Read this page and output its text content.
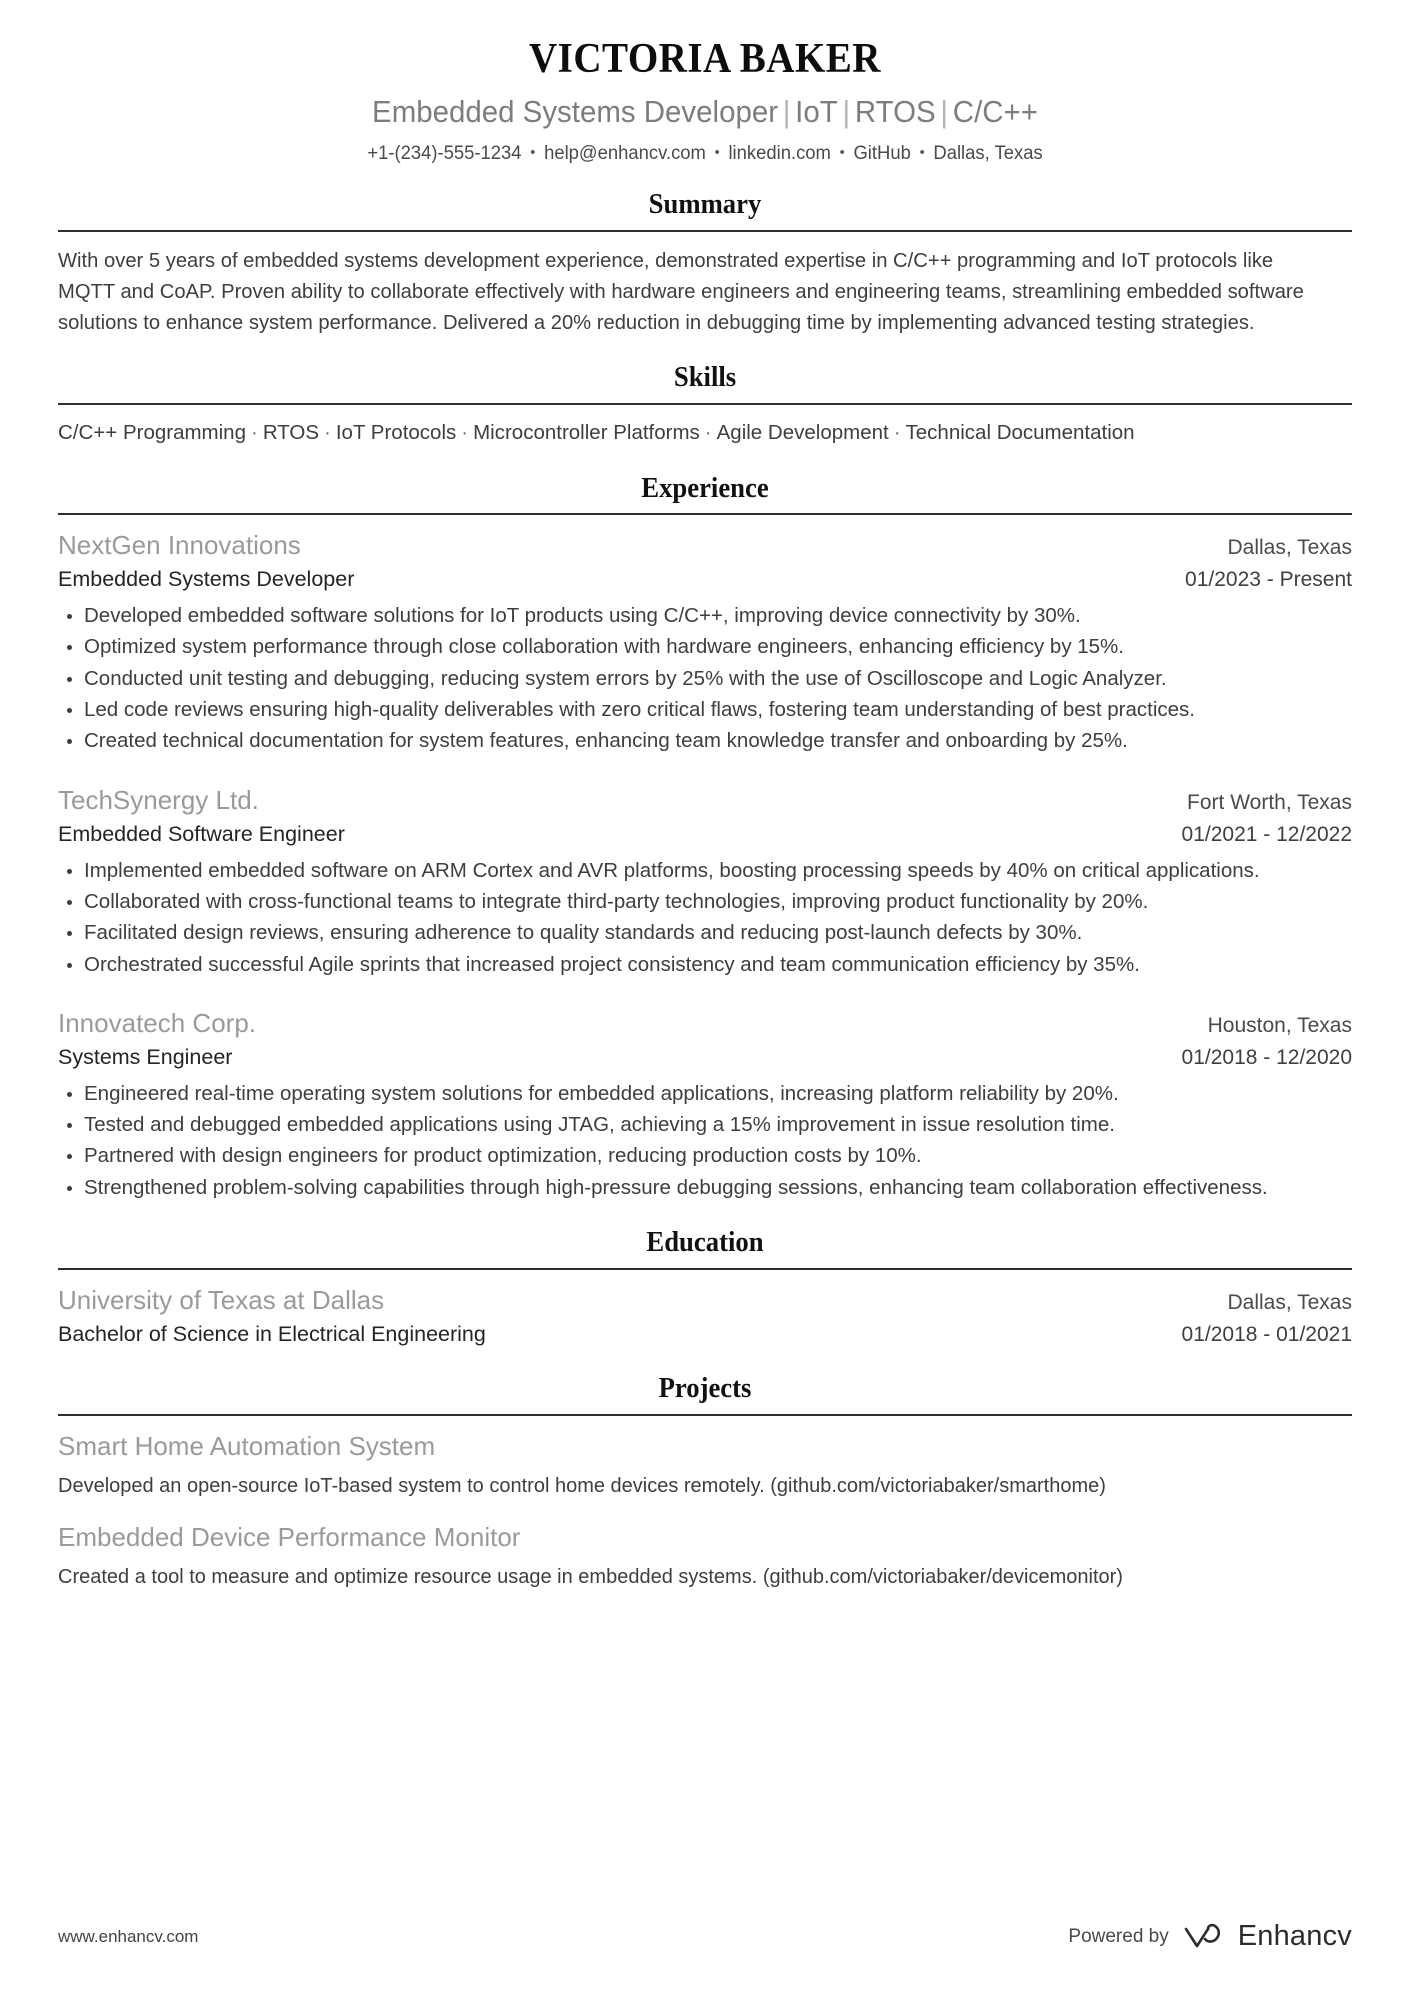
VICTORIA BAKER
Embedded Systems Developer | IoT | RTOS | C/C++
+1-(234)-555-1234 • help@enhancv.com • linkedin.com • GitHub • Dallas, Texas
Summary
With over 5 years of embedded systems development experience, demonstrated expertise in C/C++ programming and IoT protocols like MQTT and CoAP. Proven ability to collaborate effectively with hardware engineers and engineering teams, streamlining embedded software solutions to enhance system performance. Delivered a 20% reduction in debugging time by implementing advanced testing strategies.
Skills
C/C++ Programming · RTOS · IoT Protocols · Microcontroller Platforms · Agile Development · Technical Documentation
Experience
NextGen Innovations	Dallas, Texas
Embedded Systems Developer	01/2023 - Present
Developed embedded software solutions for IoT products using C/C++, improving device connectivity by 30%.
Optimized system performance through close collaboration with hardware engineers, enhancing efficiency by 15%.
Conducted unit testing and debugging, reducing system errors by 25% with the use of Oscilloscope and Logic Analyzer.
Led code reviews ensuring high-quality deliverables with zero critical flaws, fostering team understanding of best practices.
Created technical documentation for system features, enhancing team knowledge transfer and onboarding by 25%.
TechSynergy Ltd.	Fort Worth, Texas
Embedded Software Engineer	01/2021 - 12/2022
Implemented embedded software on ARM Cortex and AVR platforms, boosting processing speeds by 40% on critical applications.
Collaborated with cross-functional teams to integrate third-party technologies, improving product functionality by 20%.
Facilitated design reviews, ensuring adherence to quality standards and reducing post-launch defects by 30%.
Orchestrated successful Agile sprints that increased project consistency and team communication efficiency by 35%.
Innovatech Corp.	Houston, Texas
Systems Engineer	01/2018 - 12/2020
Engineered real-time operating system solutions for embedded applications, increasing platform reliability by 20%.
Tested and debugged embedded applications using JTAG, achieving a 15% improvement in issue resolution time.
Partnered with design engineers for product optimization, reducing production costs by 10%.
Strengthened problem-solving capabilities through high-pressure debugging sessions, enhancing team collaboration effectiveness.
Education
University of Texas at Dallas	Dallas, Texas
Bachelor of Science in Electrical Engineering	01/2018 - 01/2021
Projects
Smart Home Automation System
Developed an open-source IoT-based system to control home devices remotely. (github.com/victoriabaker/smarthome)
Embedded Device Performance Monitor
Created a tool to measure and optimize resource usage in embedded systems. (github.com/victoriabaker/devicemonitor)
www.enhancv.com	Powered by Enhancv
